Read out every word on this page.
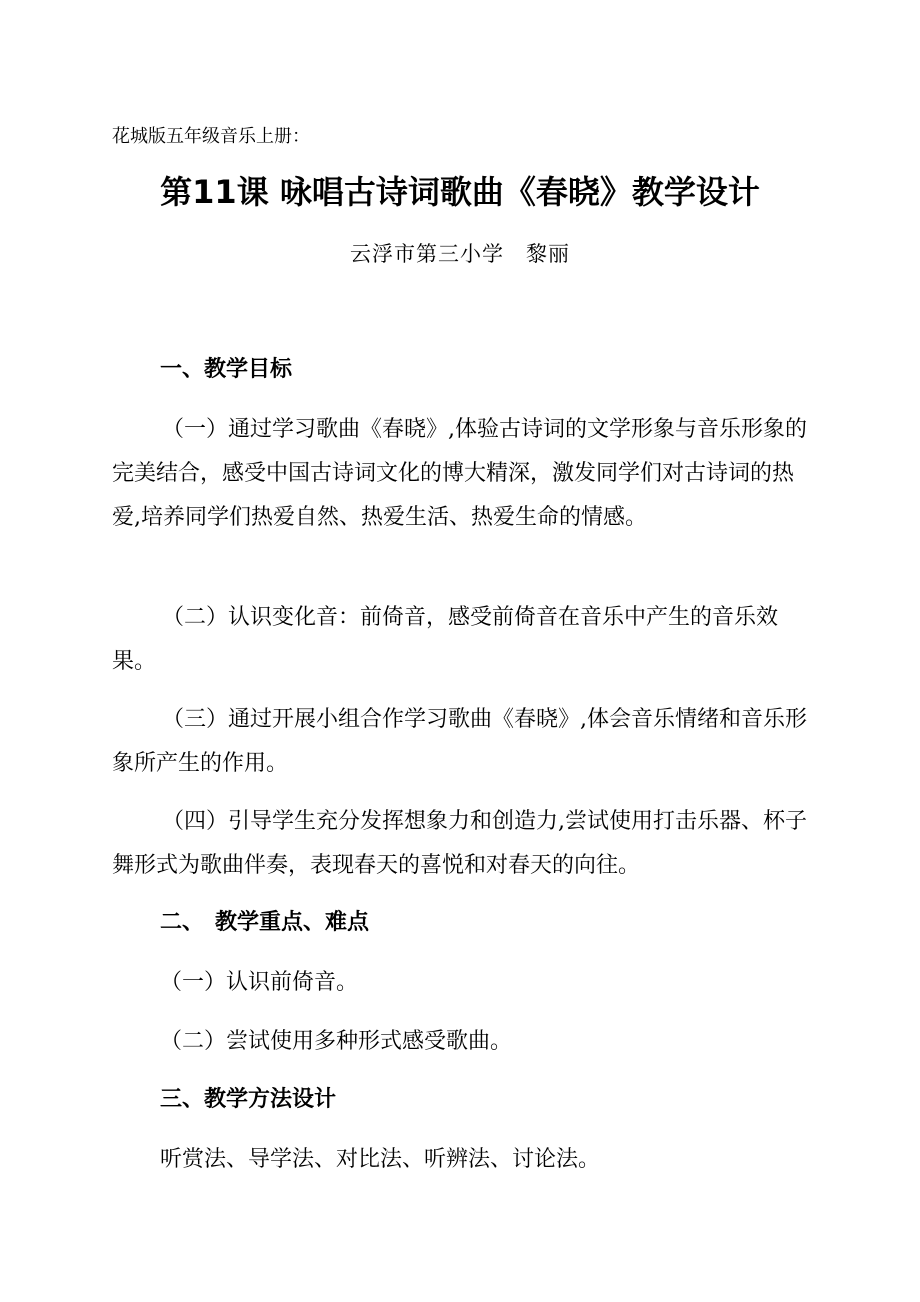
花城版五年级音乐上册：
第11课 咏唱古诗词歌曲《春晓》教学设计
云浮市第三小学　黎丽
一、教学目标

（一）通过学习歌曲《春晓》,体验古诗词的文学形象与音乐形象的完美结合，感受中国古诗词文化的博大精深，激发同学们对古诗词的热爱,培养同学们热爱自然、热爱生活、热爱生命的情感。

（二）认识变化音：前倚音，感受前倚音在音乐中产生的音乐效果。

（三）通过开展小组合作学习歌曲《春晓》,体会音乐情绪和音乐形象所产生的作用。

（四）引导学生充分发挥想象力和创造力,尝试使用打击乐器、杯子舞形式为歌曲伴奏，表现春天的喜悦和对春天的向往。

二、　教学重点、难点
（一）认识前倚音。
（二）尝试使用多种形式感受歌曲。
三、教学方法设计
听赏法、导学法、对比法、听辨法、讨论法。
